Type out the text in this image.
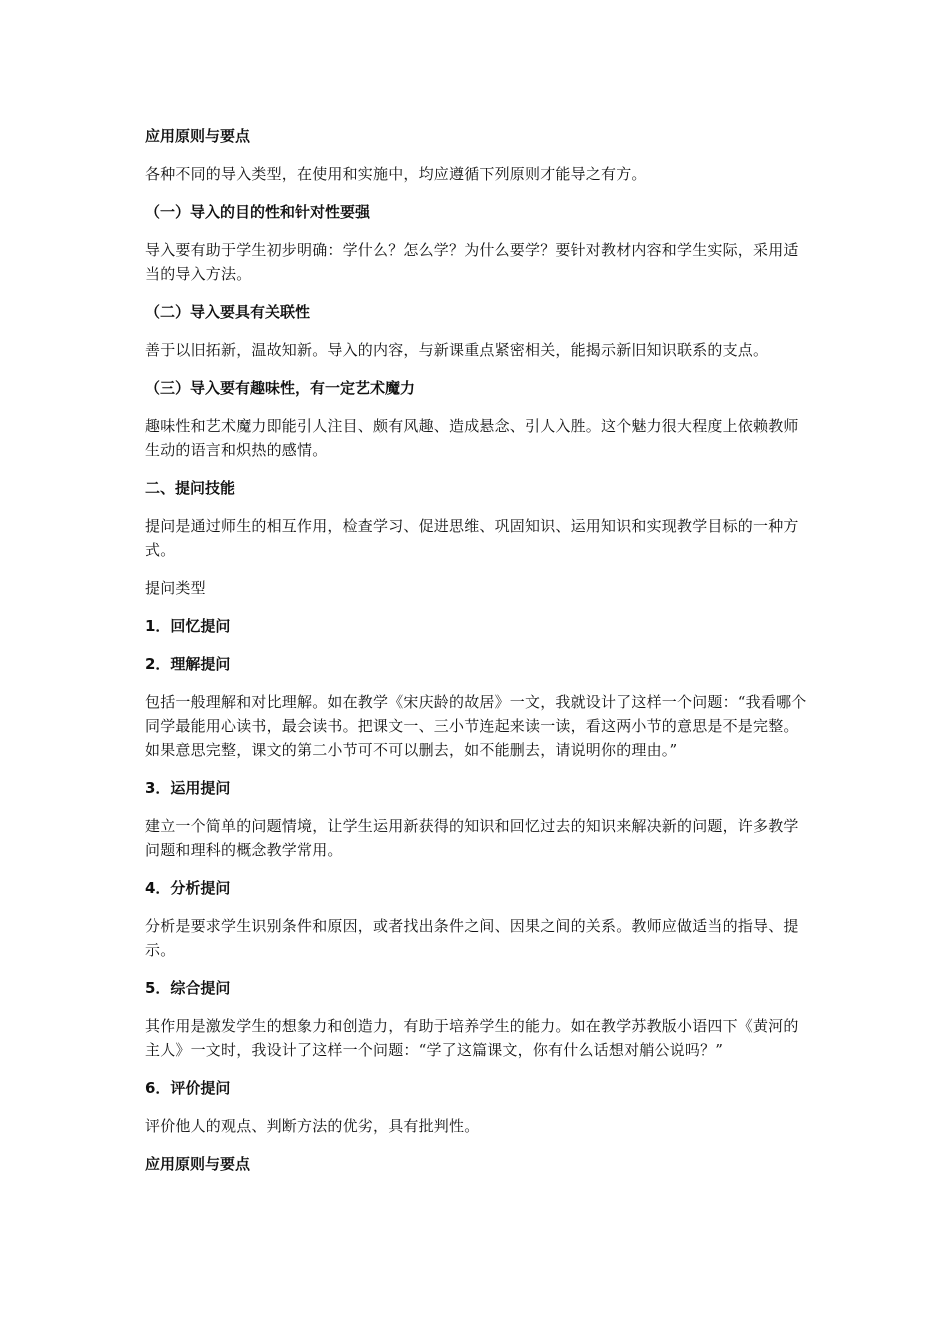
应用原则与要点

各种不同的导入类型，在使用和实施中，均应遵循下列原则才能导之有方。

（一）导入的目的性和针对性要强

导入要有助于学生初步明确：学什么？怎么学？为什么要学？要针对教材内容和学生实际，采用适当的导入方法。

（二）导入要具有关联性

善于以旧拓新，温故知新。导入的内容，与新课重点紧密相关，能揭示新旧知识联系的支点。

（三）导入要有趣味性，有一定艺术魔力

趣味性和艺术魔力即能引人注目、颇有风趣、造成悬念、引人入胜。这个魅力很大程度上依赖教师生动的语言和炽热的感情。

二、提问技能

提问是通过师生的相互作用，检查学习、促进思维、巩固知识、运用知识和实现教学目标的一种方式。

提问类型

1．回忆提问

2．理解提问

包括一般理解和对比理解。如在教学《宋庆龄的故居》一文，我就设计了这样一个问题：“我看哪个同学最能用心读书，最会读书。把课文一、三小节连起来读一读，看这两小节的意思是不是完整。如果意思完整，课文的第二小节可不可以删去，如不能删去，请说明你的理由。”

3．运用提问

建立一个简单的问题情境，让学生运用新获得的知识和回忆过去的知识来解决新的问题，许多教学问题和理科的概念教学常用。

4．分析提问

分析是要求学生识别条件和原因，或者找出条件之间、因果之间的关系。教师应做适当的指导、提示。

5．综合提问

其作用是激发学生的想象力和创造力，有助于培养学生的能力。如在教学苏教版小语四下《黄河的主人》一文时，我设计了这样一个问题：“学了这篇课文，你有什么话想对艄公说吗？”

6．评价提问

评价他人的观点、判断方法的优劣，具有批判性。

应用原则与要点
